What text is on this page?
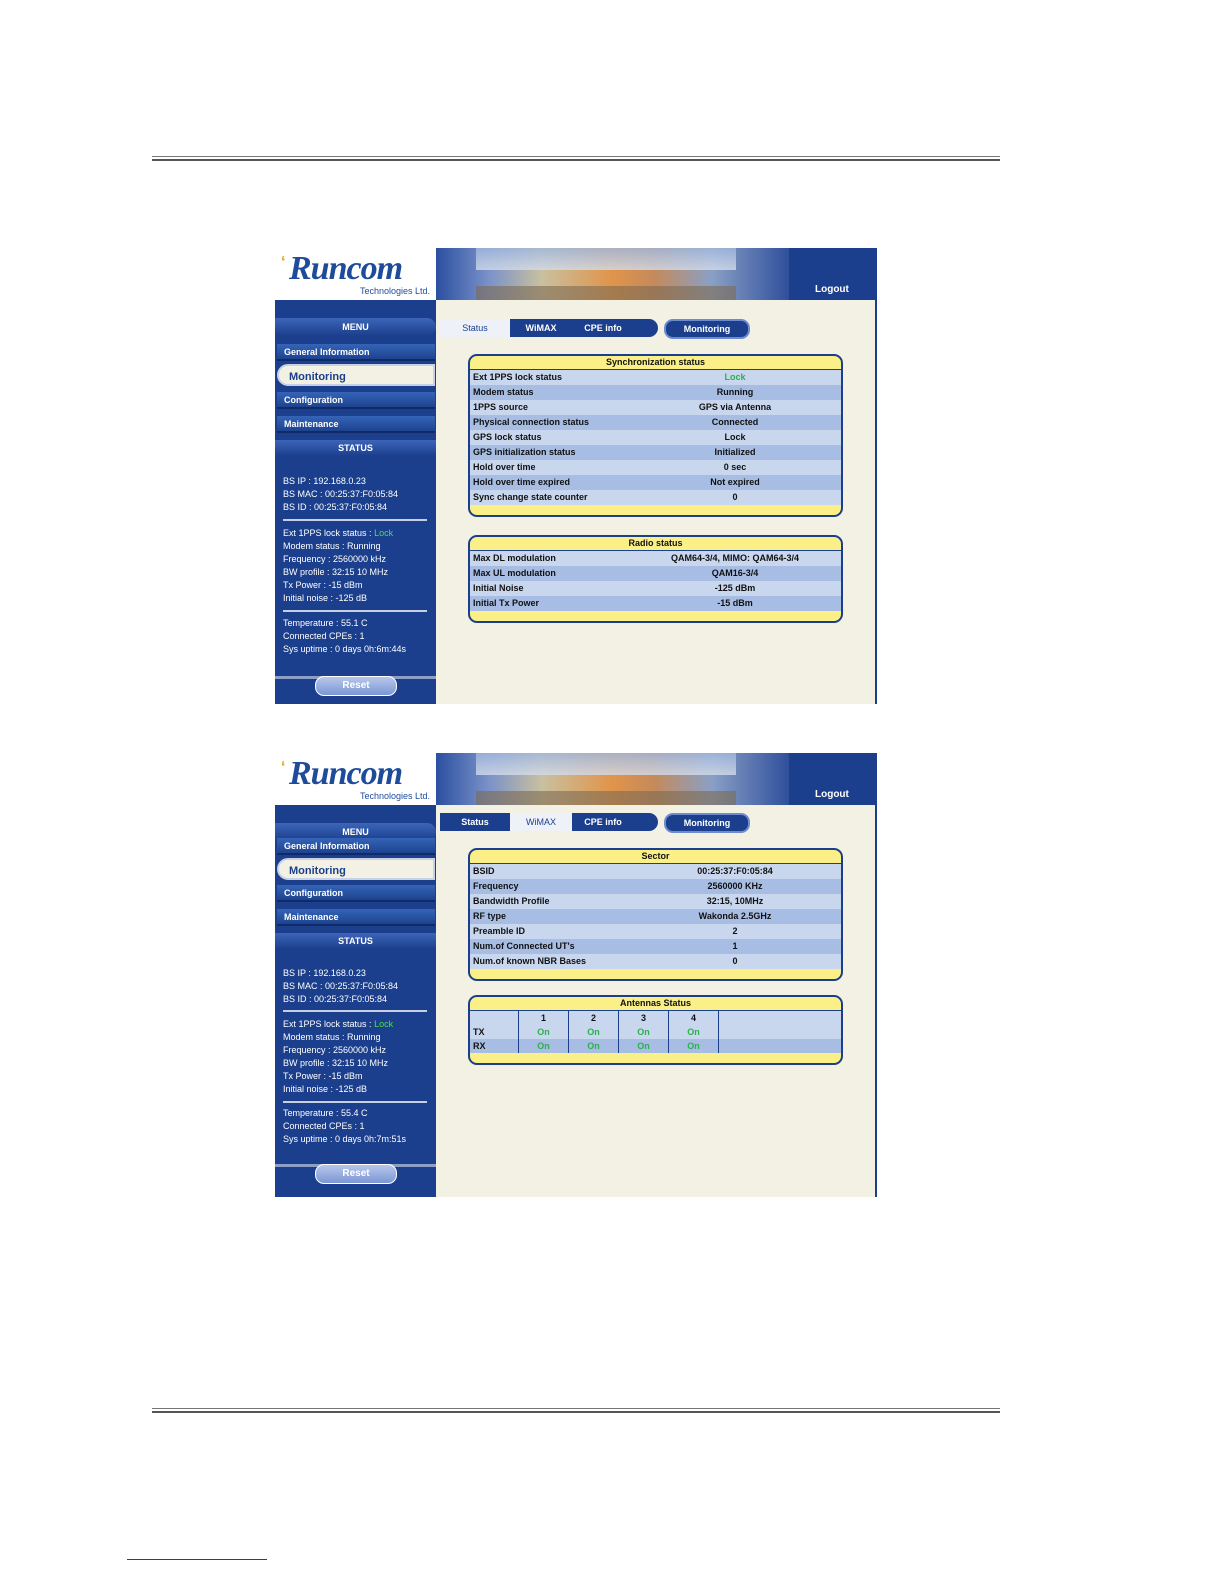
‘ Runcom
Technologies Ltd.	Logout
MENU
General Information
Monitoring
Configuration
Maintenance
STATUS
BS IP : 192.168.0.23
BS MAC : 00:25:37:F0:05:84
BS ID : 00:25:37:F0:05:84
Ext 1PPS lock status : Lock
Modem status : Running
Frequency : 2560000 kHz
BW profile : 32:15 10 MHz
Tx Power : -15 dBm
Initial noise : -125 dB
Temperature : 55.1 C
Connected CPEs : 1
Sys uptime : 0 days 0h:6m:44s
Reset
Status	WiMAX	CPE info	Monitoring
Synchronization status
Ext 1PPS lock status	Lock
Modem status	Running
1PPS source	GPS via Antenna
Physical connection status	Connected
GPS lock status	Lock
GPS initialization status	Initialized
Hold over time	0 sec
Hold over time expired	Not expired
Sync change state counter	0
Radio status
Max DL modulation	QAM64-3/4, MIMO: QAM64-3/4
Max UL modulation	QAM16-3/4
Initial Noise	-125 dBm
Initial Tx Power	-15 dBm
‘ Runcom
Technologies Ltd.	Logout
MENU
General Information
Monitoring
Configuration
Maintenance
STATUS
BS IP : 192.168.0.23
BS MAC : 00:25:37:F0:05:84
BS ID : 00:25:37:F0:05:84
Ext 1PPS lock status : Lock
Modem status : Running
Frequency : 2560000 kHz
BW profile : 32:15 10 MHz
Tx Power : -15 dBm
Initial noise : -125 dB
Temperature : 55.4 C
Connected CPEs : 1
Sys uptime : 0 days 0h:7m:51s
Reset
Status	WiMAX	CPE info	Monitoring
Sector
BSID	00:25:37:F0:05:84
Frequency	2560000 KHz
Bandwidth Profile	32:15, 10MHz
RF type	Wakonda 2.5GHz
Preamble ID	2
Num.of Connected UT's	1
Num.of known NBR Bases	0
Antennas Status
	1	2	3	4	
TX	On	On	On	On	
RX	On	On	On	On	
